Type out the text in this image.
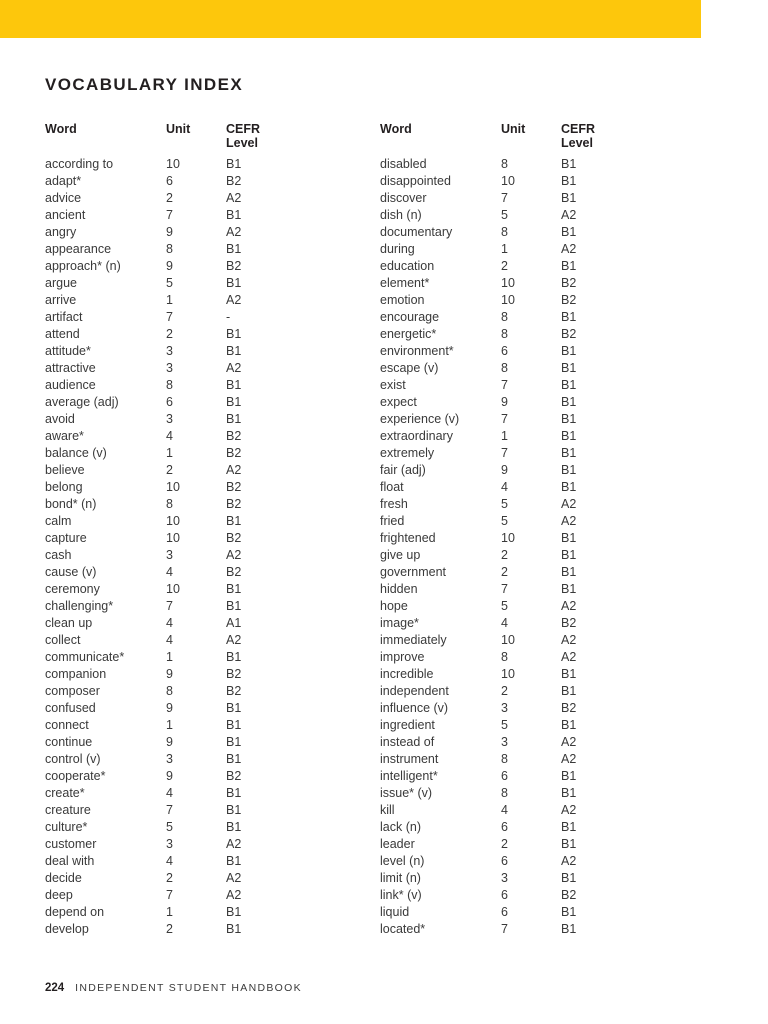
VOCABULARY INDEX
Word	Unit	CEFR Level
according to	10	B1
adapt*	6	B2
advice	2	A2
ancient	7	B1
angry	9	A2
appearance	8	B1
approach* (n)	9	B2
argue	5	B1
arrive	1	A2
artifact	7	-
attend	2	B1
attitude*	3	B1
attractive	3	A2
audience	8	B1
average (adj)	6	B1
avoid	3	B1
aware*	4	B2
balance (v)	1	B2
believe	2	A2
belong	10	B2
bond* (n)	8	B2
calm	10	B1
capture	10	B2
cash	3	A2
cause (v)	4	B2
ceremony	10	B1
challenging*	7	B1
clean up	4	A1
collect	4	A2
communicate*	1	B1
companion	9	B2
composer	8	B2
confused	9	B1
connect	1	B1
continue	9	B1
control (v)	3	B1
cooperate*	9	B2
create*	4	B1
creature	7	B1
culture*	5	B1
customer	3	A2
deal with	4	B1
decide	2	A2
deep	7	A2
depend on	1	B1
develop	2	B1
Word	Unit	CEFR Level
disabled	8	B1
disappointed	10	B1
discover	7	B1
dish (n)	5	A2
documentary	8	B1
during	1	A2
education	2	B1
element*	10	B2
emotion	10	B2
encourage	8	B1
energetic*	8	B2
environment*	6	B1
escape (v)	8	B1
exist	7	B1
expect	9	B1
experience (v)	7	B1
extraordinary	1	B1
extremely	7	B1
fair (adj)	9	B1
float	4	B1
fresh	5	A2
fried	5	A2
frightened	10	B1
give up	2	B1
government	2	B1
hidden	7	B1
hope	5	A2
image*	4	B2
immediately	10	A2
improve	8	A2
incredible	10	B1
independent	2	B1
influence (v)	3	B2
ingredient	5	B1
instead of	3	A2
instrument	8	A2
intelligent*	6	B1
issue* (v)	8	B1
kill	4	A2
lack (n)	6	B1
leader	2	B1
level (n)	6	A2
limit (n)	3	B1
link* (v)	6	B2
liquid	6	B1
located*	7	B1
224 INDEPENDENT STUDENT HANDBOOK
